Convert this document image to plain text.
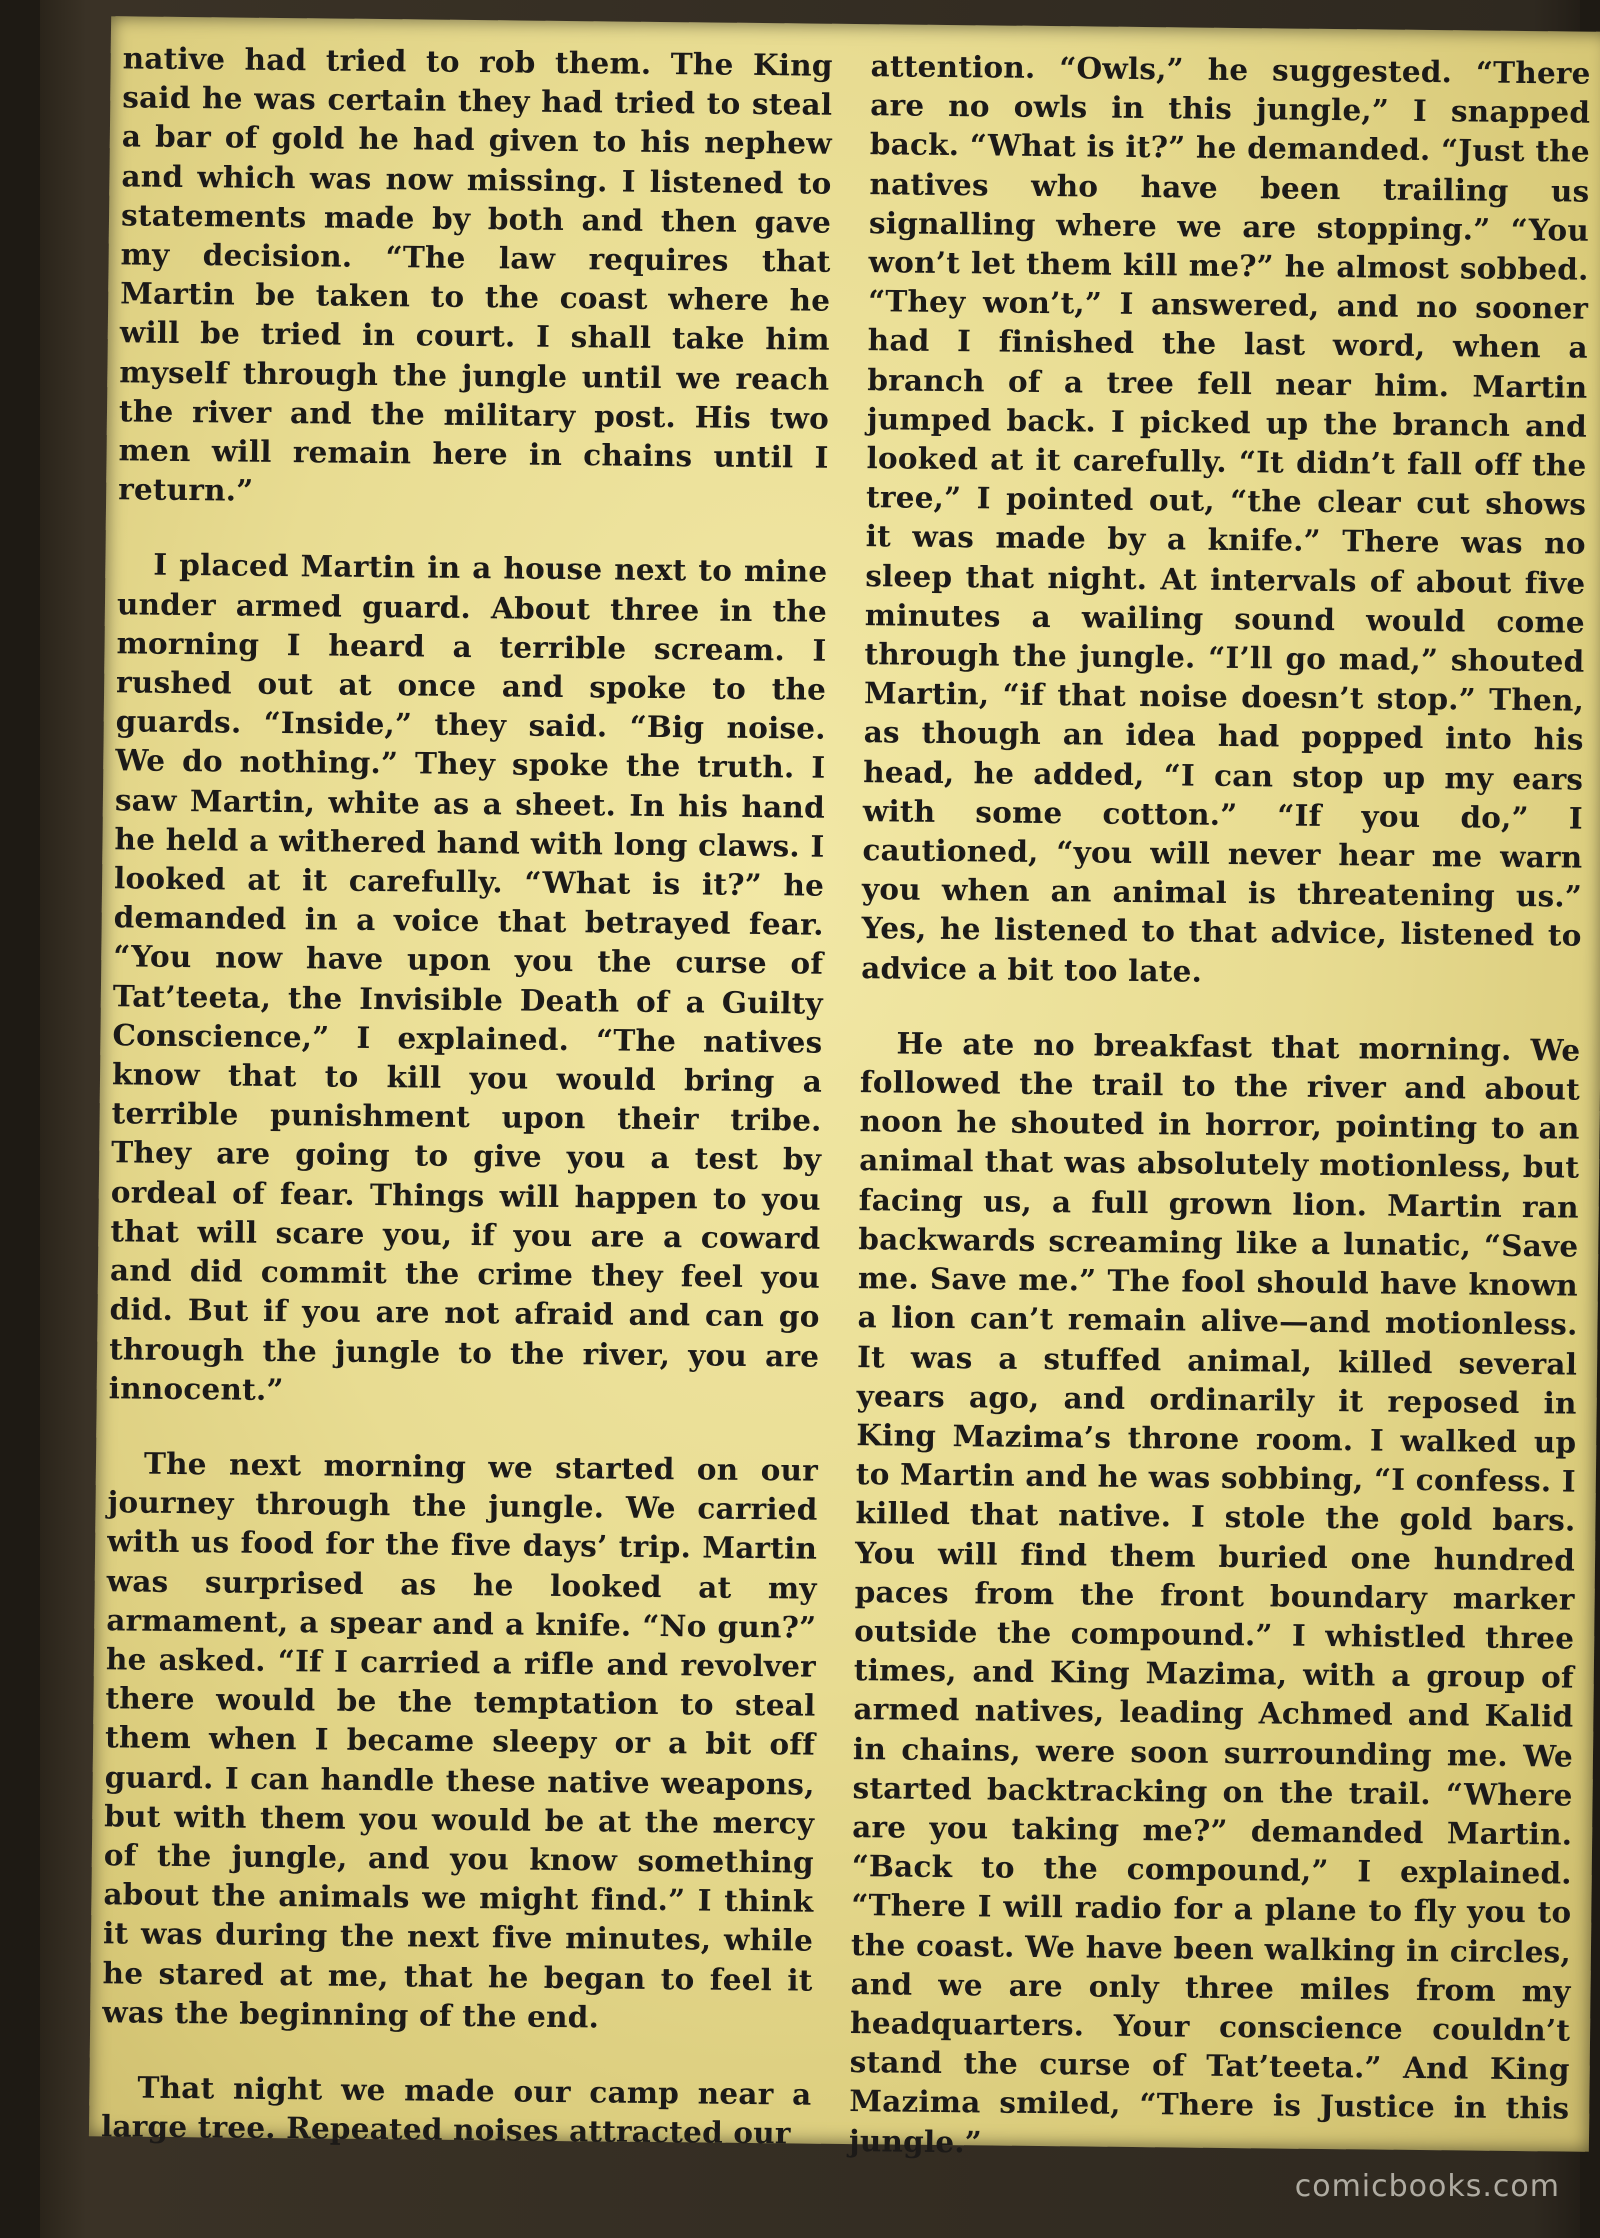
native had tried to rob them. The King said he was certain they had tried to steal a bar of gold he had given to his nephew and which was now missing. I listened to statements made by both and then gave my decision. “The law requires that Martin be taken to the coast where he will be tried in court. I shall take him myself through the jungle until we reach the river and the military post. His two men will remain here in chains until I return.”

I placed Martin in a house next to mine under armed guard. About three in the morning I heard a terrible scream. I rushed out at once and spoke to the guards. “Inside,” they said. “Big noise. We do nothing.” They spoke the truth. I saw Martin, white as a sheet. In his hand he held a withered hand with long claws. I looked at it carefully. “What is it?” he demanded in a voice that betrayed fear. “You now have upon you the curse of Tat’teeta, the Invisible Death of a Guilty Conscience,” I explained. “The natives know that to kill you would bring a terrible punishment upon their tribe. They are going to give you a test by ordeal of fear. Things will happen to you that will scare you, if you are a coward and did commit the crime they feel you did. But if you are not afraid and can go through the jungle to the river, you are innocent.”

The next morning we started on our journey through the jungle. We carried with us food for the five days’ trip. Martin was surprised as he looked at my armament, a spear and a knife. “No gun?” he asked. “If I carried a rifle and revolver there would be the temptation to steal them when I became sleepy or a bit off guard. I can handle these native weapons, but with them you would be at the mercy of the jungle, and you know something about the animals we might find.” I think it was during the next five minutes, while he stared at me, that he began to feel it was the beginning of the end.

That night we made our camp near a large tree. Repeated noises attracted our

attention. “Owls,” he suggested. “There are no owls in this jungle,” I snapped back. “What is it?” he demanded. “Just the natives who have been trailing us signalling where we are stopping.” “You won’t let them kill me?” he almost sobbed. “They won’t,” I answered, and no sooner had I finished the last word, when a branch of a tree fell near him. Martin jumped back. I picked up the branch and looked at it carefully. “It didn’t fall off the tree,” I pointed out, “the clear cut shows it was made by a knife.” There was no sleep that night. At intervals of about five minutes a wailing sound would come through the jungle. “I’ll go mad,” shouted Martin, “if that noise doesn’t stop.” Then, as though an idea had popped into his head, he added, “I can stop up my ears with some cotton.” “If you do,” I cautioned, “you will never hear me warn you when an animal is threatening us.” Yes, he listened to that advice, listened to advice a bit too late.

He ate no breakfast that morning. We followed the trail to the river and about noon he shouted in horror, pointing to an animal that was absolutely motionless, but facing us, a full grown lion. Martin ran backwards screaming like a lunatic, “Save me. Save me.” The fool should have known a lion can’t remain alive—and motionless. It was a stuffed animal, killed several years ago, and ordinarily it reposed in King Mazima’s throne room. I walked up to Martin and he was sobbing, “I confess. I killed that native. I stole the gold bars. You will find them buried one hundred paces from the front boundary marker outside the compound.” I whistled three times, and King Mazima, with a group of armed natives, leading Achmed and Kalid in chains, were soon surrounding me. We started backtracking on the trail. “Where are you taking me?” demanded Martin. “Back to the compound,” I explained. “There I will radio for a plane to fly you to the coast. We have been walking in circles, and we are only three miles from my headquarters. Your conscience couldn’t stand the curse of Tat’teeta.” And King Mazima smiled, “There is Justice in this jungle.”

comicbooks.com
